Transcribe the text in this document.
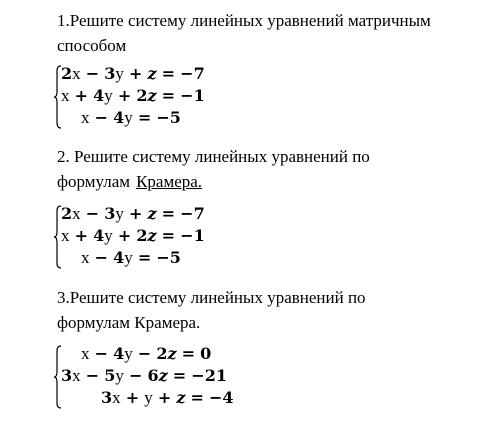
1.Решите систему линейных уравнений матричным

способом

2x − 3y + z = −7
x + 4y + 2z = −1
x − 4y = −5

2. Решите систему линейных уравнений по

формулам Крамера.

2x − 3y + z = −7
x + 4y + 2z = −1
x − 4y = −5

3.Решите систему линейных уравнений по

формулам Крамера.

x − 4y − 2z = 0
3x − 5y − 6z = −21
3x + y + z = −4
